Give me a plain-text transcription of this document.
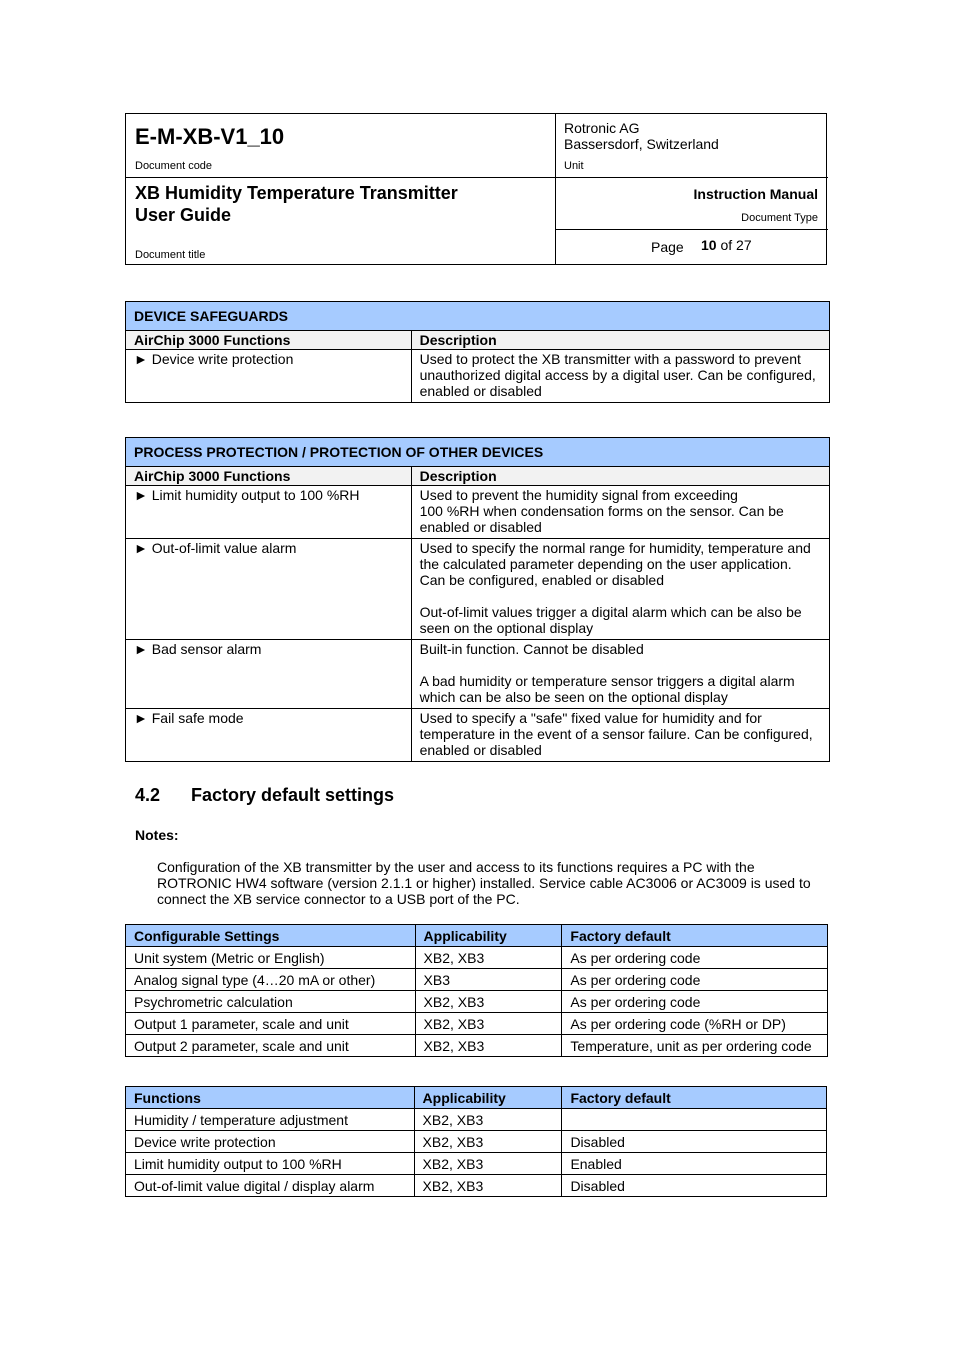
E-M-XB-V1_10
Document code
Rotronic AG
Bassersdorf, Switzerland
Unit
XB Humidity Temperature Transmitter
User Guide
Document title
Instruction Manual
Document Type
Page 10 of 27
DEVICE SAFEGUARDS	
AirChip 3000 Functions	Description
► Device write protection	Used to protect the XB transmitter with a password to prevent
unauthorized digital access by a digital user. Can be configured,
enabled or disabled
PROCESS PROTECTION / PROTECTION OF OTHER DEVICES	
AirChip 3000 Functions	Description
► Limit humidity output to 100 %RH	Used to prevent the humidity signal from exceeding
100 %RH when condensation forms on the sensor. Can be
enabled or disabled

► Out-of-limit value alarm	Used to specify the normal range for humidity, temperature and
the calculated parameter depending on the user application.
Can be configured, enabled or disabled
Out-of-limit values trigger a digital alarm which can be also be
seen on the optional display

► Bad sensor alarm	Built-in function. Cannot be disabled
A bad humidity or temperature sensor triggers a digital alarm
which can be also be seen on the optional display

► Fail safe mode	Used to specify a "safe" fixed value for humidity and for
temperature in the event of a sensor failure. Can be configured,
enabled or disabled
4.2 Factory default settings
Notes:
Configuration of the XB transmitter by the user and access to its functions requires a PC with the
ROTRONIC HW4 software (version 2.1.1 or higher) installed. Service cable AC3006 or AC3009 is used to
connect the XB service connector to a USB port of the PC.
Configurable Settings	Applicability	Factory default
Unit system (Metric or English)	XB2, XB3	As per ordering code
Analog signal type (4…20 mA or other)	XB3	As per ordering code
Psychrometric calculation	XB2, XB3	As per ordering code
Output 1 parameter, scale and unit	XB2, XB3	As per ordering code (%RH or DP)
Output 2 parameter, scale and unit	XB2, XB3	Temperature, unit as per ordering code
Functions	Applicability	Factory default
Humidity / temperature adjustment	XB2, XB3	
Device write protection	XB2, XB3	Disabled
Limit humidity output to 100 %RH	XB2, XB3	Enabled
Out-of-limit value digital / display alarm	XB2, XB3	Disabled
